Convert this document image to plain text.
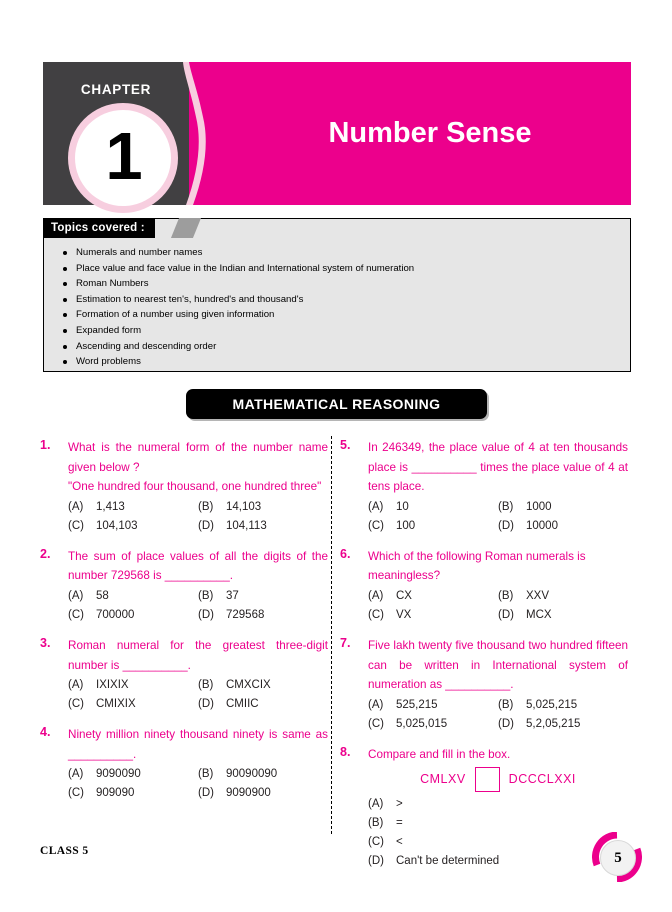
CHAPTER
1	Number Sense
Topics covered :
Numerals and number names
Place value and face value in the Indian and International system of numeration
Roman Numbers
Estimation to nearest ten's, hundred's and thousand's
Formation of a number using given information
Expanded form
Ascending and descending order
Word problems
MATHEMATICAL REASONING
1.	What is the numeral form of the number name given below ?
"One hundred four thousand, one hundred three"
(A)	1,413	(B)	14,103
(C)	104,103	(D)	104,113
2.	The sum of place values of all the digits of the number 729568 is __________.
(A)	58	(B)	37
(C)	700000	(D)	729568
3.	Roman numeral for the greatest three-digit number is __________.
(A)	IXIXIX	(B)	CMXCIX
(C)	CMIXIX	(D)	CMIIC
4.	Ninety million ninety thousand ninety is same as __________.
(A)	9090090	(B)	90090090
(C)	909090	(D)	9090900
5.	In 246349, the place value of 4 at ten thousands place is __________ times the place value of 4 at tens place.
(A)	10	(B)	1000
(C)	100	(D)	10000
6.	Which of the following Roman numerals is meaningless?
(A)	CX	(B)	XXV
(C)	VX	(D)	MCX
7.	Five lakh twenty five thousand two hundred fifteen can be written in International system of numeration as __________.
(A)	525,215	(B)	5,025,215
(C)	5,025,015	(D)	5,2,05,215
8.	Compare and fill in the box.
CMLXV	DCCCLXXI
(A)	>
(B)	=
(C)	<
(D)	Can't be determined
CLASS 5	5
